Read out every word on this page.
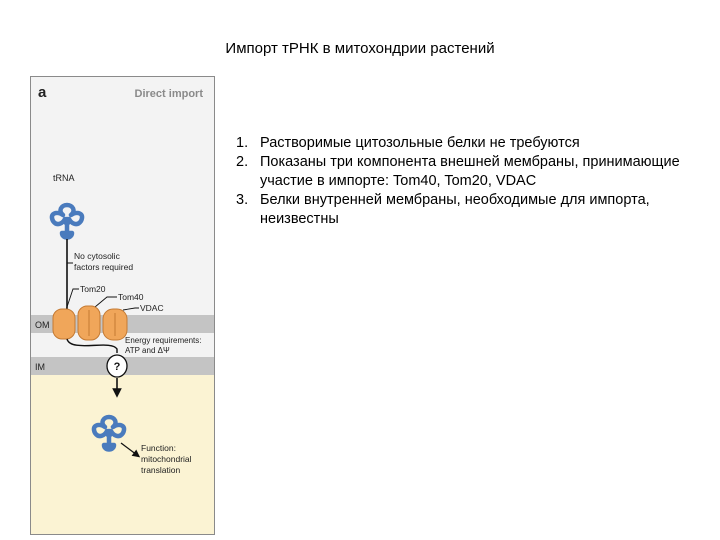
Импорт тРНК в митохондрии растений
a	Direct import
tRNA
No cytosolic
factors required
Tom20
Tom40
VDAC
OM
IM
Energy requirements:
ATP and ΔΨ
?
Function:
mitochondrial
translation
1. Растворимые цитозольные белки не требуются
2. Показаны три компонента внешней мембраны, принимающие участие в импорте: Tom40, Tom20, VDAC
3. Белки внутренней мембраны, необходимые для импорта, неизвестны
